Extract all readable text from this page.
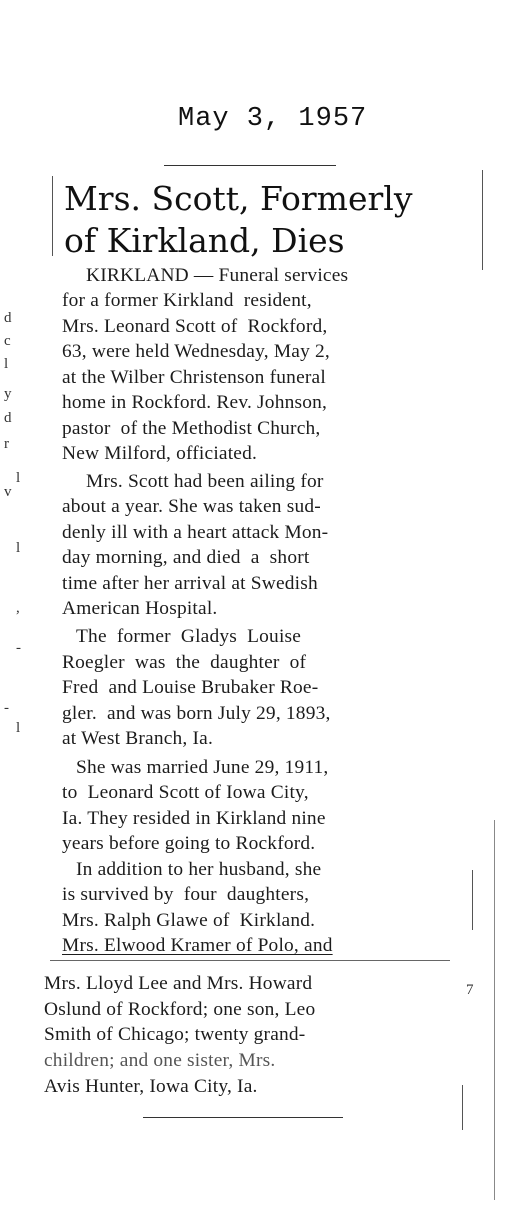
May 3, 1957
d
c
l
y
d
r
l
v
7
l
,
-
-
l
Mrs. Scott, Formerly
of Kirkland, Dies
KIRKLAND — Funeral services
for a former Kirkland  resident,
Mrs. Leonard Scott of  Rockford,
63, were held Wednesday, May 2,
at the Wilber Christenson funeral
home in Rockford. Rev. Johnson,
pastor  of the Methodist Church,
New Milford, officiated.
Mrs. Scott had been ailing for
about a year. She was taken sud-
denly ill with a heart attack Mon-
day morning, and died  a  short
time after her arrival at Swedish
American Hospital.
The  former  Gladys  Louise
Roegler  was  the  daughter  of
Fred  and Louise Brubaker Roe-
gler.  and was born July 29, 1893,
at West Branch, Ia.
She was married June 29, 1911,
to  Leonard Scott of Iowa City,
Ia. They resided in Kirkland nine
years before going to Rockford.
In addition to her husband, she
is survived by  four  daughters,
Mrs. Ralph Glawe of  Kirkland.
Mrs. Elwood Kramer of Polo, and
Mrs. Lloyd Lee and Mrs. Howard
Oslund of Rockford; one son, Leo
Smith of Chicago; twenty grand-
children; and one sister, Mrs.
Avis Hunter, Iowa City, Ia.
